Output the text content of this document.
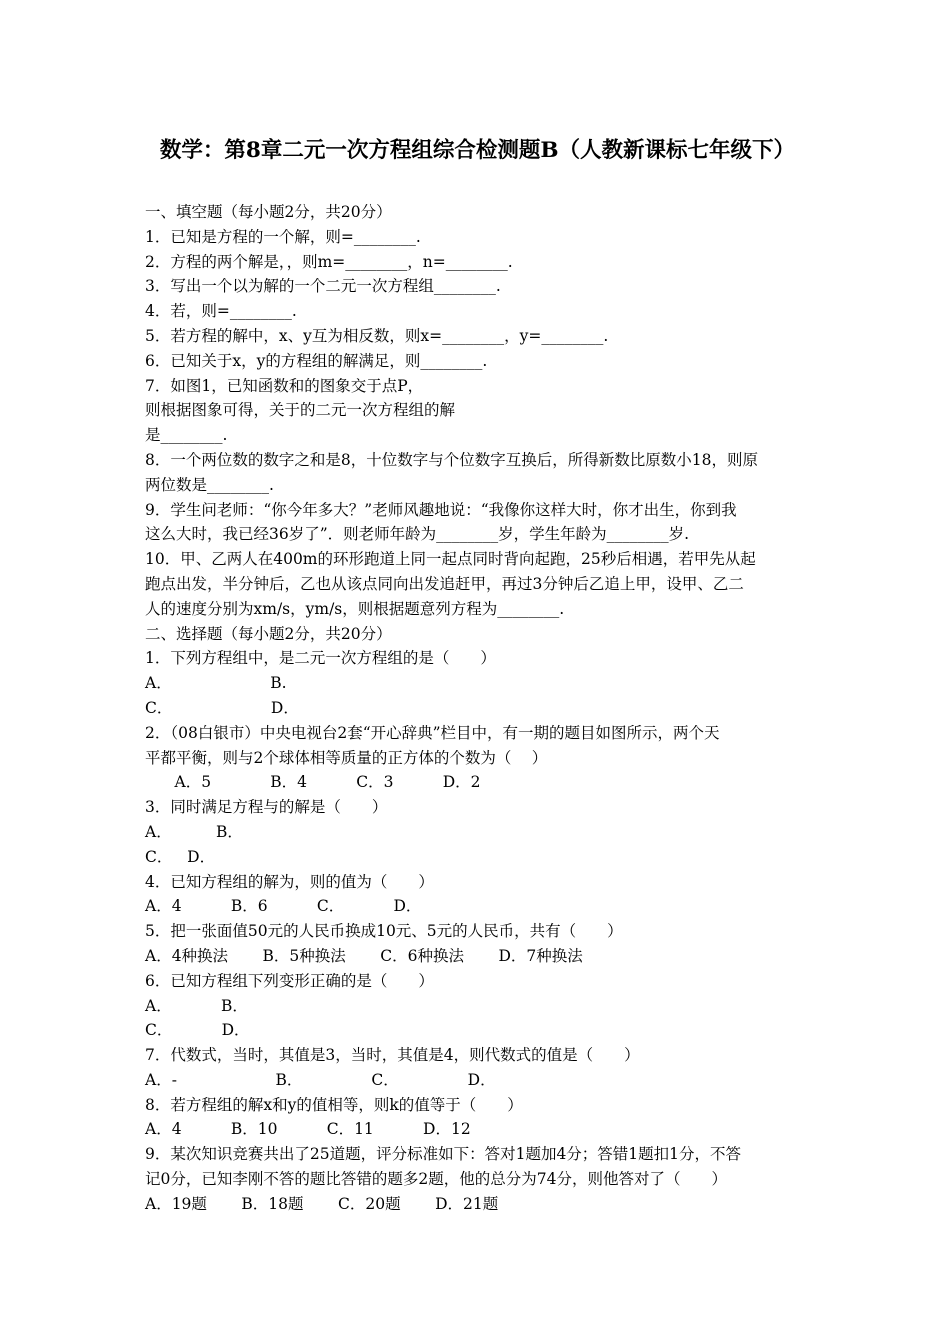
数学：第8章二元一次方程组综合检测题B（人教新课标七年级下）
一、填空题（每小题2分，共20分）
1．已知是方程的一个解，则=________.
2．方程的两个解是，，则m=________，n=________.
3．写出一个以为解的一个二元一次方程组________.
4．若，则=________.
5．若方程的解中，x、y互为相反数，则x=________，y=________.
6．已知关于x，y的方程组的解满足，则________.
7．如图1，已知函数和的图象交于点P，
则根据图象可得，关于的二元一次方程组的解
是________.
8．一个两位数的数字之和是8，十位数字与个位数字互换后，所得新数比原数小18，则原
两位数是________.
9．学生问老师：“你今年多大？”老师风趣地说：“我像你这样大时，你才出生，你到我
这么大时，我已经36岁了”．则老师年龄为________岁，学生年龄为________岁.
10．甲、乙两人在400m的环形跑道上同一起点同时背向起跑，25秒后相遇，若甲先从起
跑点出发，半分钟后，乙也从该点同向出发追赶甲，再过3分钟后乙追上甲，设甲、乙二
人的速度分别为xm/s，ym/s，则根据题意列方程为________.
二、选择题（每小题2分，共20分）
1．下列方程组中，是二元一次方程组的是（　　）
A．                    B.
C．                    D．
2．（08白银市）中央电视台2套“开心辞典”栏目中，有一期的题目如图所示，两个天
平都平衡，则与2个球体相等质量的正方体的个数为（　 ）
A．5            B．4          C．3          D．2
3．同时满足方程与的解是（　　）
A．         B．
C．   D．
4．已知方程组的解为，则的值为（　　）
A．4          B．6          C．          D．
5．把一张面值50元的人民币换成10元、5元的人民币，共有（　　）
A．4种换法       B．5种换法       C．6种换法       D．7种换法
6．已知方程组下列变形正确的是（　　）
A．          B．
C．          D．
7．代数式，当时，其值是3，当时，其值是4，则代数式的值是（　　）
A．-                    B．              C．              D．
8．若方程组的解x和y的值相等，则k的值等于（　　）
A．4          B．10          C．11          D．12
9．某次知识竞赛共出了25道题，评分标准如下：答对1题加4分；答错1题扣1分，不答
记0分，已知李刚不答的题比答错的题多2题，他的总分为74分，则他答对了（　　）
A．19题       B．18题       C．20题       D．21题
